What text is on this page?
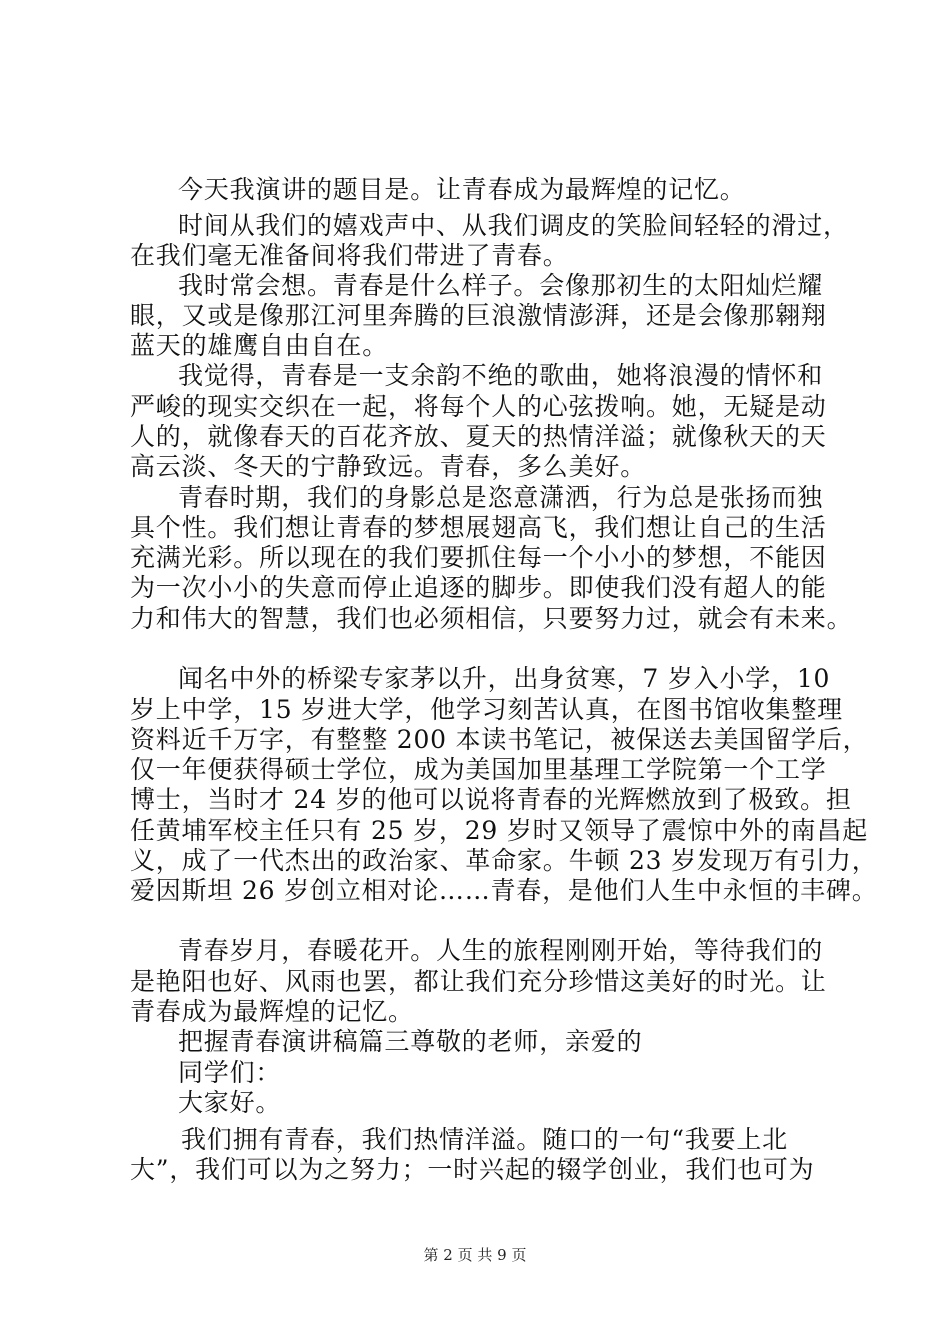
今天我演讲的题目是。让青春成为最辉煌的记忆。
时间从我们的嬉戏声中、从我们调皮的笑脸间轻轻的滑过，
在我们毫无准备间将我们带进了青春。
我时常会想。青春是什么样子。会像那初生的太阳灿烂耀
眼，又或是像那江河里奔腾的巨浪激情澎湃，还是会像那翱翔
蓝天的雄鹰自由自在。
我觉得，青春是一支余韵不绝的歌曲，她将浪漫的情怀和
严峻的现实交织在一起，将每个人的心弦拨响。她，无疑是动
人的，就像春天的百花齐放、夏天的热情洋溢；就像秋天的天
高云淡、冬天的宁静致远。青春，多么美好。
青春时期，我们的身影总是恣意潇洒，行为总是张扬而独
具个性。我们想让青春的梦想展翅高飞，我们想让自己的生活
充满光彩。所以现在的我们要抓住每一个小小的梦想，不能因
为一次小小的失意而停止追逐的脚步。即使我们没有超人的能
力和伟大的智慧，我们也必须相信，只要努力过，就会有未来。
闻名中外的桥梁专家茅以升，出身贫寒，7 岁入小学，10
岁上中学，15 岁进大学，他学习刻苦认真，在图书馆收集整理
资料近千万字，有整整 200 本读书笔记，被保送去美国留学后，
仅一年便获得硕士学位，成为美国加里基理工学院第一个工学
博士，当时才 24 岁的他可以说将青春的光辉燃放到了极致。担
任黄埔军校主任只有 25 岁，29 岁时又领导了震惊中外的南昌起
义，成了一代杰出的政治家、革命家。牛顿 23 岁发现万有引力，
爱因斯坦 26 岁创立相对论……青春，是他们人生中永恒的丰碑。
青春岁月，春暖花开。人生的旅程刚刚开始，等待我们的
是艳阳也好、风雨也罢，都让我们充分珍惜这美好的时光。让
青春成为最辉煌的记忆。
把握青春演讲稿篇三尊敬的老师，亲爱的
同学们：
大家好。
我们拥有青春，我们热情洋溢。随口的一句“我要上北
大”，我们可以为之努力；一时兴起的辍学创业，我们也可为
第 2 页 共 9 页
